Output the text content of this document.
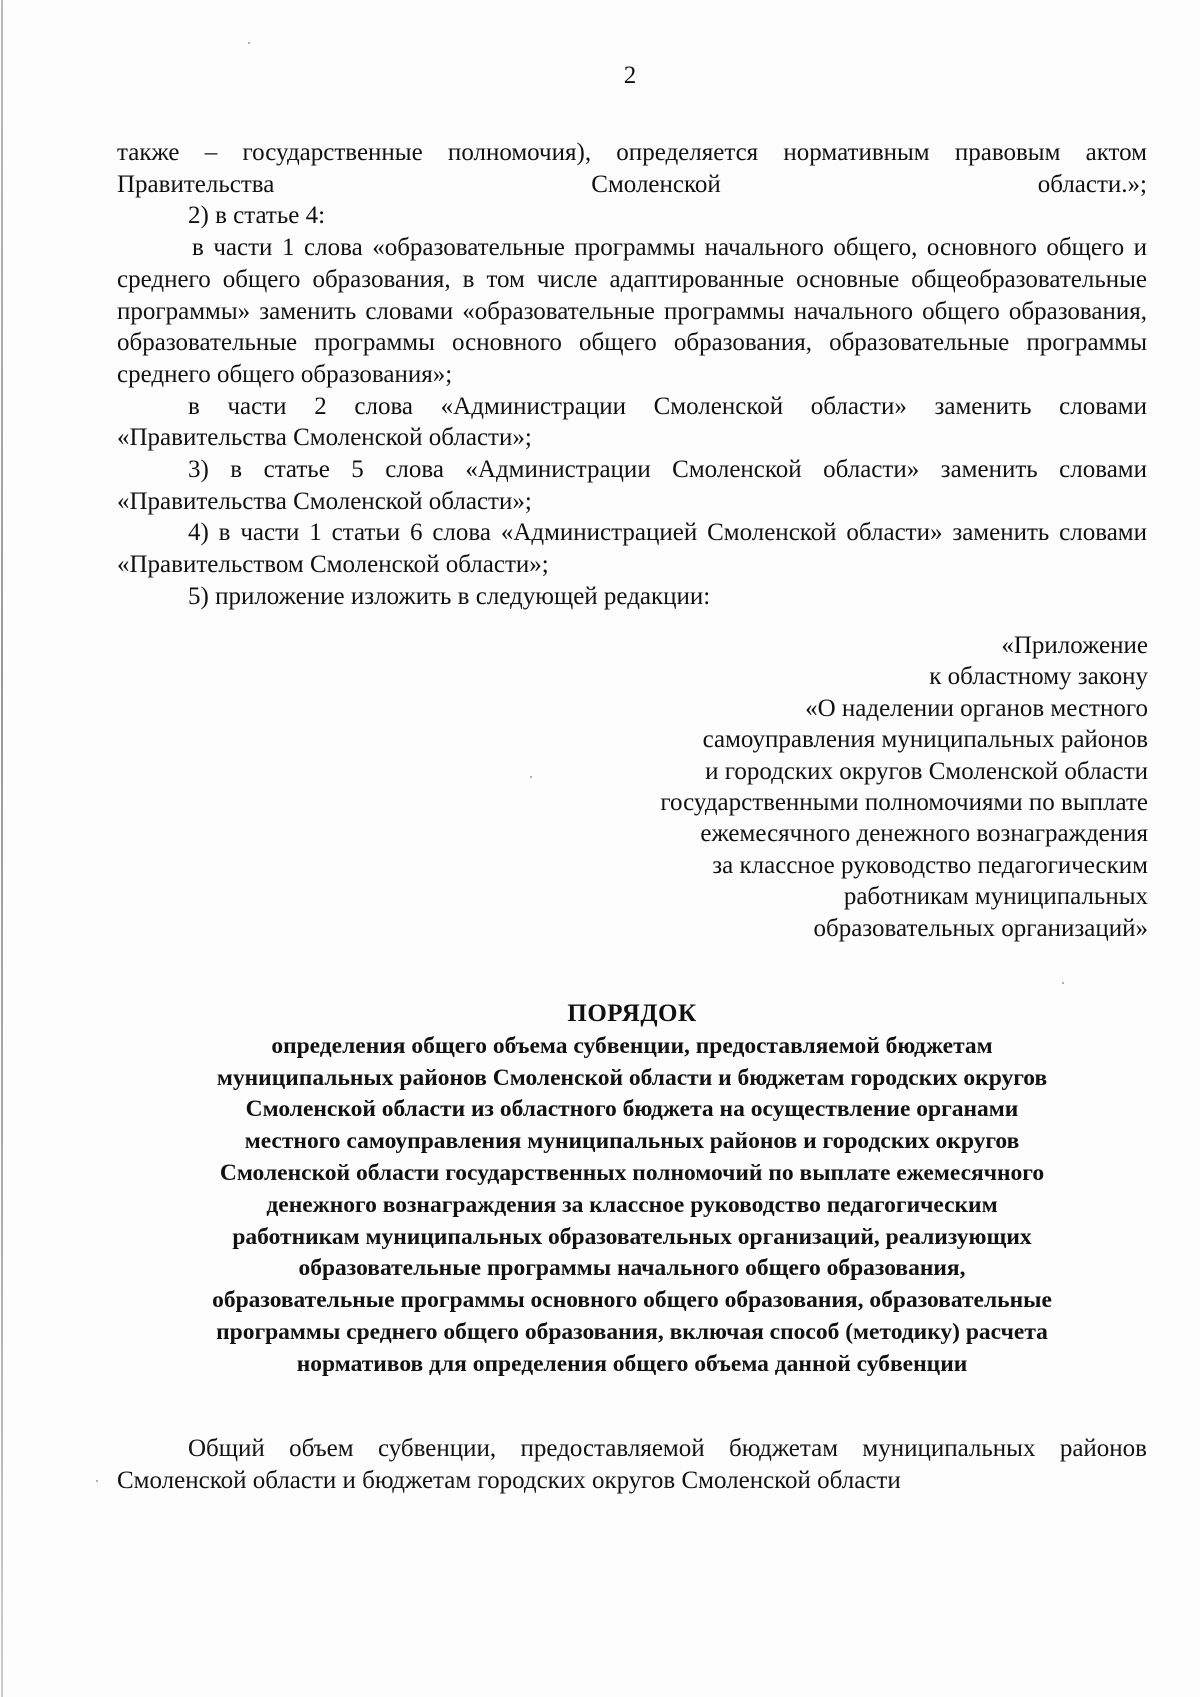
2

также – государственные полномочия), определяется нормативным правовым актом Правительства Смоленской области.»;

2) в статье 4:

в части 1 слова «образовательные программы начального общего, основного общего и среднего общего образования, в том числе адаптированные основные общеобразовательные программы» заменить словами «образовательные программы начального общего образования, образовательные программы основного общего образования, образовательные программы среднего общего образования»;

в части 2 слова «Администрации Смоленской области» заменить словами «Правительства Смоленской области»;

3) в статье 5 слова «Администрации Смоленской области» заменить словами «Правительства Смоленской области»;

4) в части 1 статьи 6 слова «Администрацией Смоленской области» заменить словами «Правительством Смоленской области»;

5) приложение изложить в следующей редакции:

«Приложение
к областному закону
«О наделении органов местного
самоуправления муниципальных районов
и городских округов Смоленской области
государственными полномочиями по выплате
ежемесячного денежного вознаграждения
за классное руководство педагогическим
работникам муниципальных
образовательных организаций»
ПОРЯДОК
определения общего объема субвенции, предоставляемой бюджетам
муниципальных районов Смоленской области и бюджетам городских округов
Смоленской области из областного бюджета на осуществление органами
местного самоуправления муниципальных районов и городских округов
Смоленской области государственных полномочий по выплате ежемесячного
денежного вознаграждения за классное руководство педагогическим
работникам муниципальных образовательных организаций, реализующих
образовательные программы начального общего образования,
образовательные программы основного общего образования, образовательные
программы среднего общего образования, включая способ (методику) расчета
нормативов для определения общего объема данной субвенции

Общий объем субвенции, предоставляемой бюджетам муниципальных районов Смоленской области и бюджетам городских округов Смоленской области
